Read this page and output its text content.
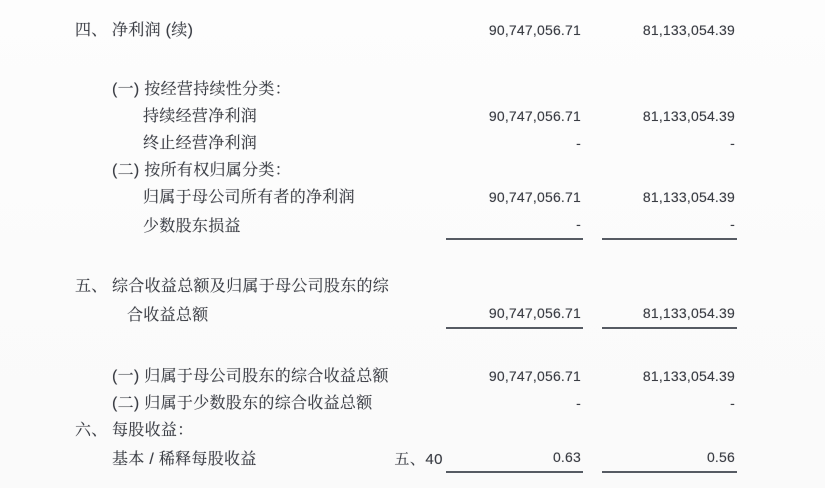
四、 净利润 (续)	90,747,056.71	81,133,054.39
(一) 按经营持续性分类：
持续经营净利润	90,747,056.71	81,133,054.39
终止经营净利润	-	-
(二) 按所有权归属分类：
归属于母公司所有者的净利润	90,747,056.71	81,133,054.39
少数股东损益	-	-
五、 综合收益总额及归属于母公司股东的综
合收益总额	90,747,056.71	81,133,054.39
(一) 归属于母公司股东的综合收益总额	90,747,056.71	81,133,054.39
(二) 归属于少数股东的综合收益总额	-	-
六、 每股收益：
基本 / 稀释每股收益	五、40	0.63	0.56
